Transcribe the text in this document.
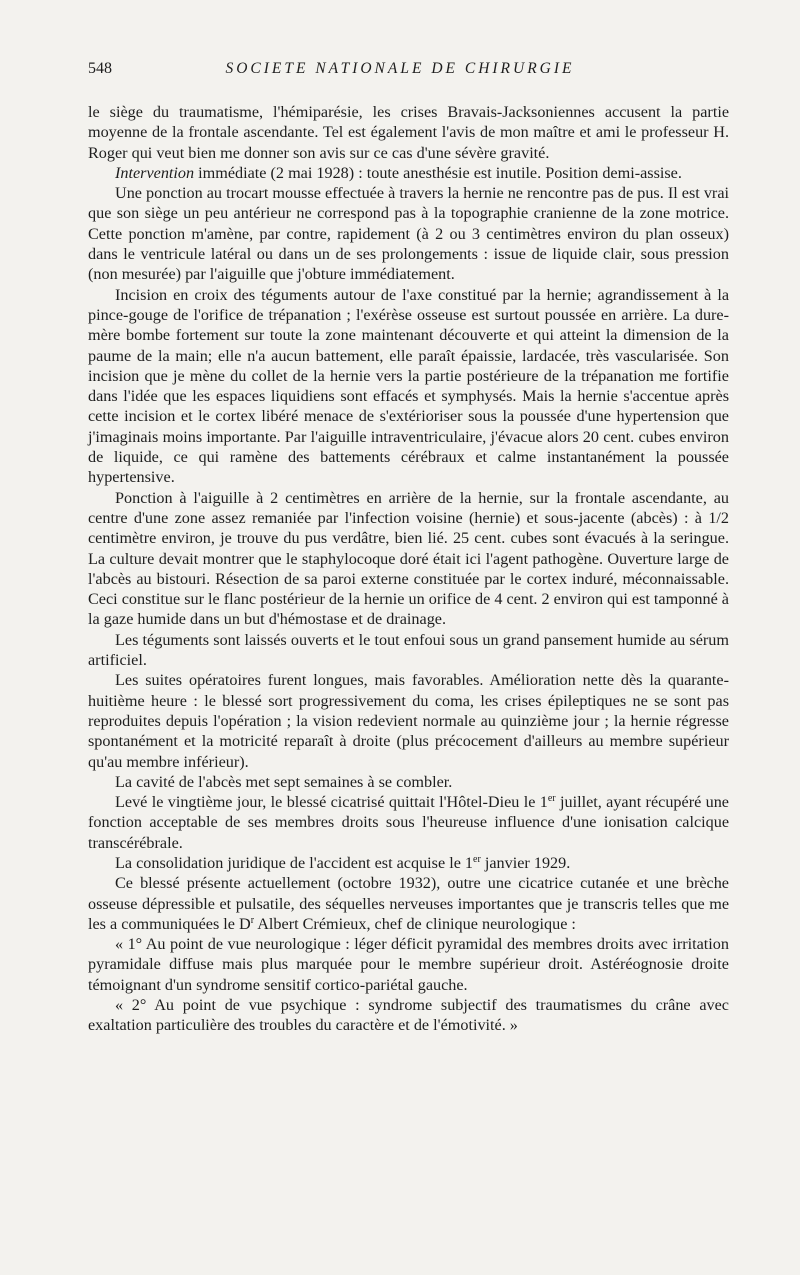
548	SOCIETE NATIONALE DE CHIRURGIE

le siège du traumatisme, l'hémiparésie, les crises Bravais-Jacksoniennes accusent la partie moyenne de la frontale ascendante. Tel est également l'avis de mon maître et ami le professeur H. Roger qui veut bien me donner son avis sur ce cas d'une sévère gravité.

Intervention immédiate (2 mai 1928) : toute anesthésie est inutile. Position demi-assise.

Une ponction au trocart mousse effectuée à travers la hernie ne rencontre pas de pus. Il est vrai que son siège un peu antérieur ne correspond pas à la topographie cranienne de la zone motrice. Cette ponction m'amène, par contre, rapidement (à 2 ou 3 centimètres environ du plan osseux) dans le ventricule latéral ou dans un de ses prolongements : issue de liquide clair, sous pression (non mesurée) par l'aiguille que j'obture immédiatement.

Incision en croix des téguments autour de l'axe constitué par la hernie; agrandissement à la pince-gouge de l'orifice de trépanation ; l'exérèse osseuse est surtout poussée en arrière. La dure-mère bombe fortement sur toute la zone maintenant découverte et qui atteint la dimension de la paume de la main; elle n'a aucun battement, elle paraît épaissie, lardacée, très vascularisée. Son incision que je mène du collet de la hernie vers la partie postérieure de la trépanation me fortifie dans l'idée que les espaces liquidiens sont effacés et symphysés. Mais la hernie s'accentue après cette incision et le cortex libéré menace de s'extérioriser sous la poussée d'une hypertension que j'imaginais moins importante. Par l'aiguille intraventriculaire, j'évacue alors 20 cent. cubes environ de liquide, ce qui ramène des battements cérébraux et calme instantanément la poussée hypertensive.

Ponction à l'aiguille à 2 centimètres en arrière de la hernie, sur la frontale ascendante, au centre d'une zone assez remaniée par l'infection voisine (hernie) et sous-jacente (abcès) : à 1/2 centimètre environ, je trouve du pus verdâtre, bien lié. 25 cent. cubes sont évacués à la seringue. La culture devait montrer que le staphylocoque doré était ici l'agent pathogène. Ouverture large de l'abcès au bistouri. Résection de sa paroi externe constituée par le cortex induré, méconnaissable. Ceci constitue sur le flanc postérieur de la hernie un orifice de 4 cent. 2 environ qui est tamponné à la gaze humide dans un but d'hémostase et de drainage.

Les téguments sont laissés ouverts et le tout enfoui sous un grand pansement humide au sérum artificiel.

Les suites opératoires furent longues, mais favorables. Amélioration nette dès la quarante-huitième heure : le blessé sort progressivement du coma, les crises épileptiques ne se sont pas reproduites depuis l'opération ; la vision redevient normale au quinzième jour ; la hernie régresse spontanément et la motricité reparaît à droite (plus précocement d'ailleurs au membre supérieur qu'au membre inférieur).

La cavité de l'abcès met sept semaines à se combler.

Levé le vingtième jour, le blessé cicatrisé quittait l'Hôtel-Dieu le 1er juillet, ayant récupéré une fonction acceptable de ses membres droits sous l'heureuse influence d'une ionisation calcique transcérébrale.

La consolidation juridique de l'accident est acquise le 1er janvier 1929.

Ce blessé présente actuellement (octobre 1932), outre une cicatrice cutanée et une brèche osseuse dépressible et pulsatile, des séquelles nerveuses importantes que je transcris telles que me les a communiquées le $D^r$ Albert Crémieux, chef de clinique neurologique :

« 1° Au point de vue neurologique : léger déficit pyramidal des membres droits avec irritation pyramidale diffuse mais plus marquée pour le membre supérieur droit. Astéréognosie droite témoignant d'un syndrome sensitif cortico-pariétal gauche.

« 2° Au point de vue psychique : syndrome subjectif des traumatismes du crâne avec exaltation particulière des troubles du caractère et de l'émotivité. »
